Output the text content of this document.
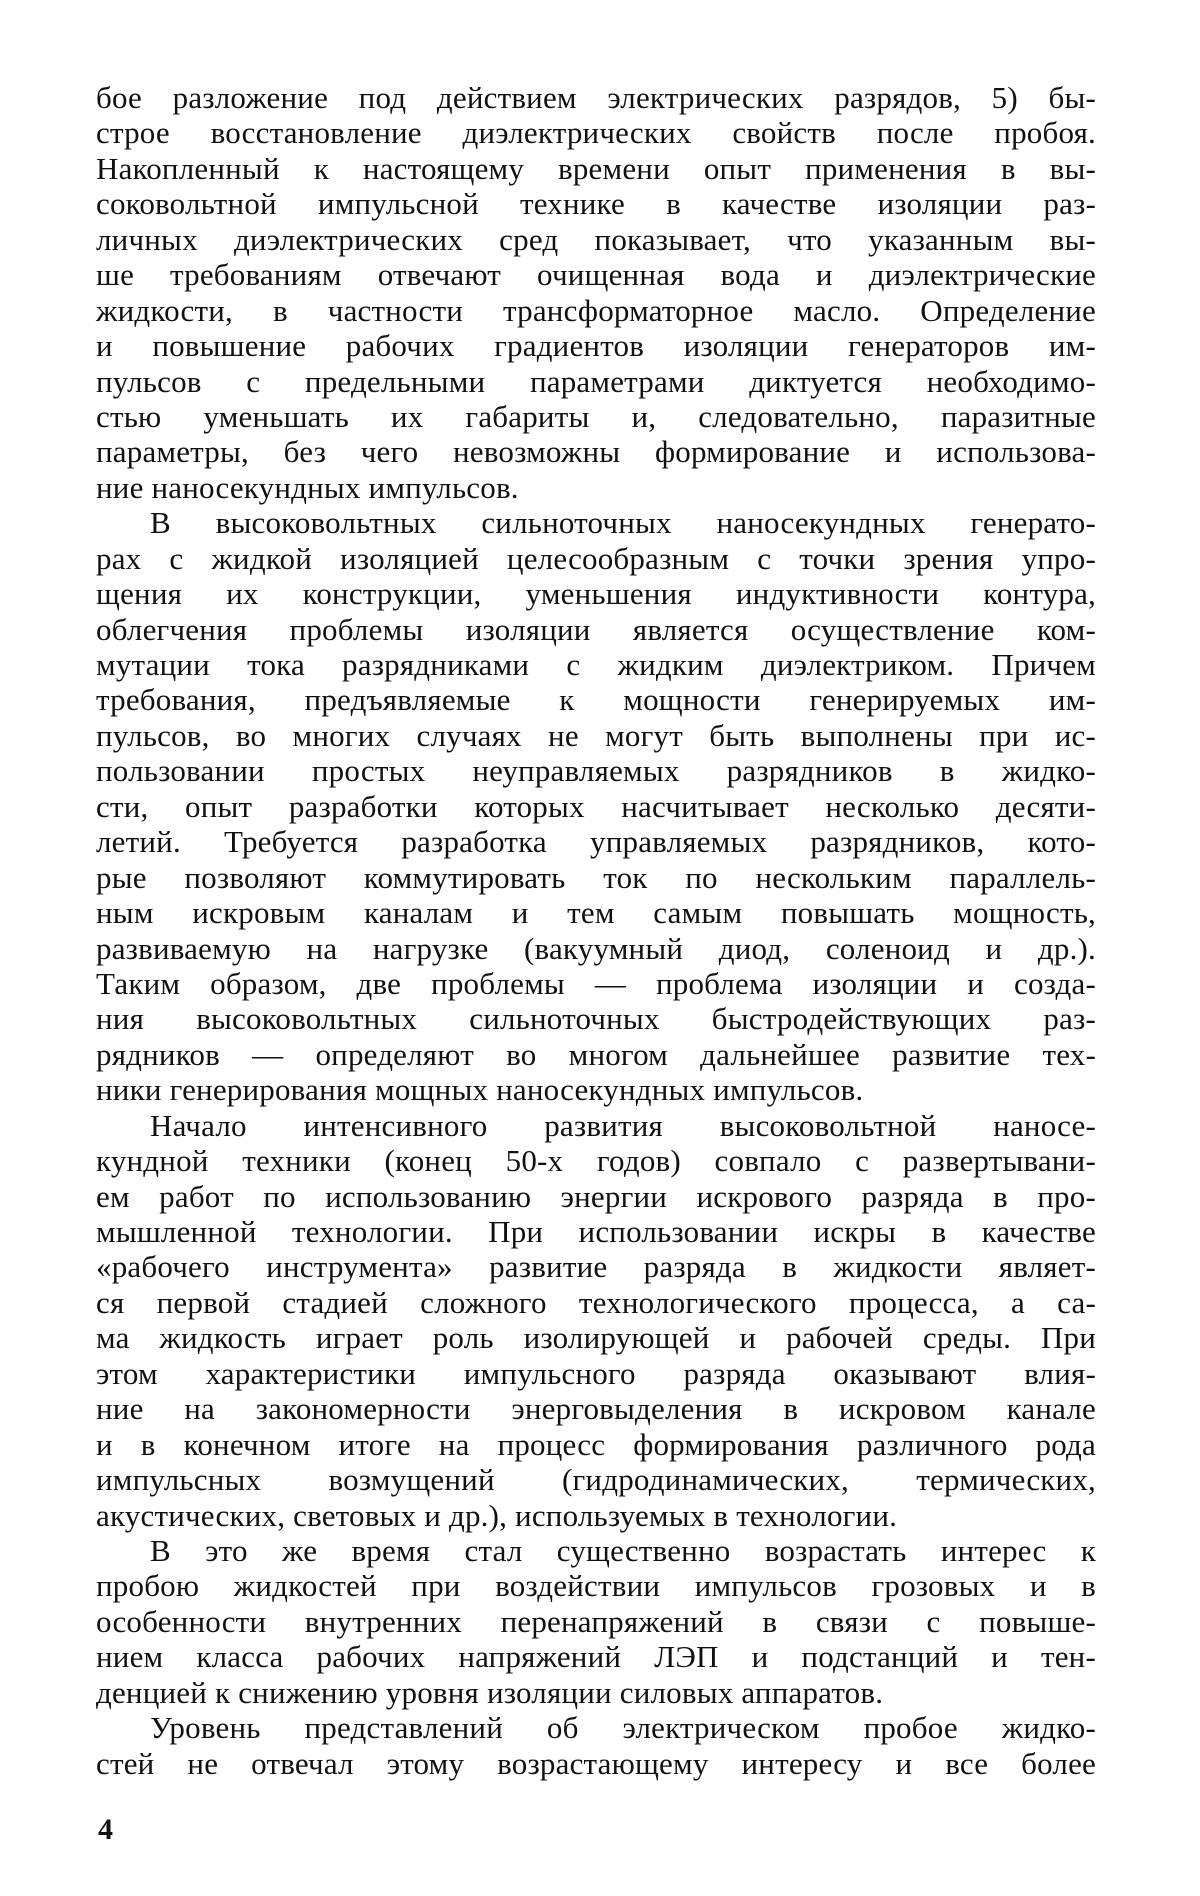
бое разложение под действием электрических разрядов, 5) бы-
строе восстановление диэлектрических свойств после пробоя.
Накопленный к настоящему времени опыт применения в вы-
соковольтной импульсной технике в качестве изоляции раз-
личных диэлектрических сред показывает, что указанным вы-
ше требованиям отвечают очищенная вода и диэлектрические
жидкости, в частности трансформаторное масло. Определение
и повышение рабочих градиентов изоляции генераторов им-
пульсов с предельными параметрами диктуется необходимо-
стью уменьшать их габариты и, следовательно, паразитные
параметры, без чего невозможны формирование и использова-
ние наносекундных импульсов.
В высоковольтных сильноточных наносекундных генерато-
рах с жидкой изоляцией целесообразным с точки зрения упро-
щения их конструкции, уменьшения индуктивности контура,
облегчения проблемы изоляции является осуществление ком-
мутации тока разрядниками с жидким диэлектриком. Причем
требования, предъявляемые к мощности генерируемых им-
пульсов, во многих случаях не могут быть выполнены при ис-
пользовании простых неуправляемых разрядников в жидко-
сти, опыт разработки которых насчитывает несколько десяти-
летий. Требуется разработка управляемых разрядников, кото-
рые позволяют коммутировать ток по нескольким параллель-
ным искровым каналам и тем самым повышать мощность,
развиваемую на нагрузке (вакуумный диод, соленоид и др.).
Таким образом, две проблемы — проблема изоляции и созда-
ния высоковольтных сильноточных быстродействующих раз-
рядников — определяют во многом дальнейшее развитие тех-
ники генерирования мощных наносекундных импульсов.
Начало интенсивного развития высоковольтной наносе-
кундной техники (конец 50-х годов) совпало с развертывани-
ем работ по использованию энергии искрового разряда в про-
мышленной технологии. При использовании искры в качестве
«рабочего инструмента» развитие разряда в жидкости являет-
ся первой стадией сложного технологического процесса, а са-
ма жидкость играет роль изолирующей и рабочей среды. При
этом характеристики импульсного разряда оказывают влия-
ние на закономерности энерговыделения в искровом канале
и в конечном итоге на процесс формирования различного рода
импульсных возмущений (гидродинамических, термических,
акустических, световых и др.), используемых в технологии.
В это же время стал существенно возрастать интерес к
пробою жидкостей при воздействии импульсов грозовых и в
особенности внутренних перенапряжений в связи с повыше-
нием класса рабочих напряжений ЛЭП и подстанций и тен-
денцией к снижению уровня изоляции силовых аппаратов.
Уровень представлений об электрическом пробое жидко-
стей не отвечал этому возрастающему интересу и все более
4
